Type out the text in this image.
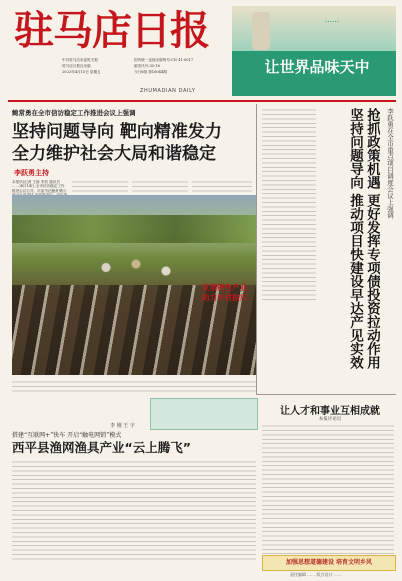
驻马店日报
ZHUMADIAN DAILY
中共驻马店市委机关报
驻马店日报社出版
2022年4月15日 星期五
国内统一连续出版物号:CN 41-0017
邮发代号:35-16
今日8版 第16044期
……
让世界品味天中
鲍常勇在全市信访稳定工作推进会议上强调
坚持问题导向 靶向精准发力
全力维护社会大局和谐稳定
李跃勇主持
本报讯(记者 王娇 李贺 通讯员 ……)4月14日,全市信访稳定工作推进会议召开。市委书记鲍常勇出	抢抓政策机遇 更好发挥专项债投资拉动作用 坚持问题导向 推动项目快建设早达产见实效	李跃勇在全市重点项目调度会议上强调
发展特色产业
助力乡村振兴
搭建“互联网+”快车 开启“触电网销”模式
西平县渔网渔具产业“云上腾飞”
李 刚 王 宇
让人才和事业互相成就
本报评论员
加强思想道德建设 培育文明乡风
责任编辑 …… 版式设计 ……
